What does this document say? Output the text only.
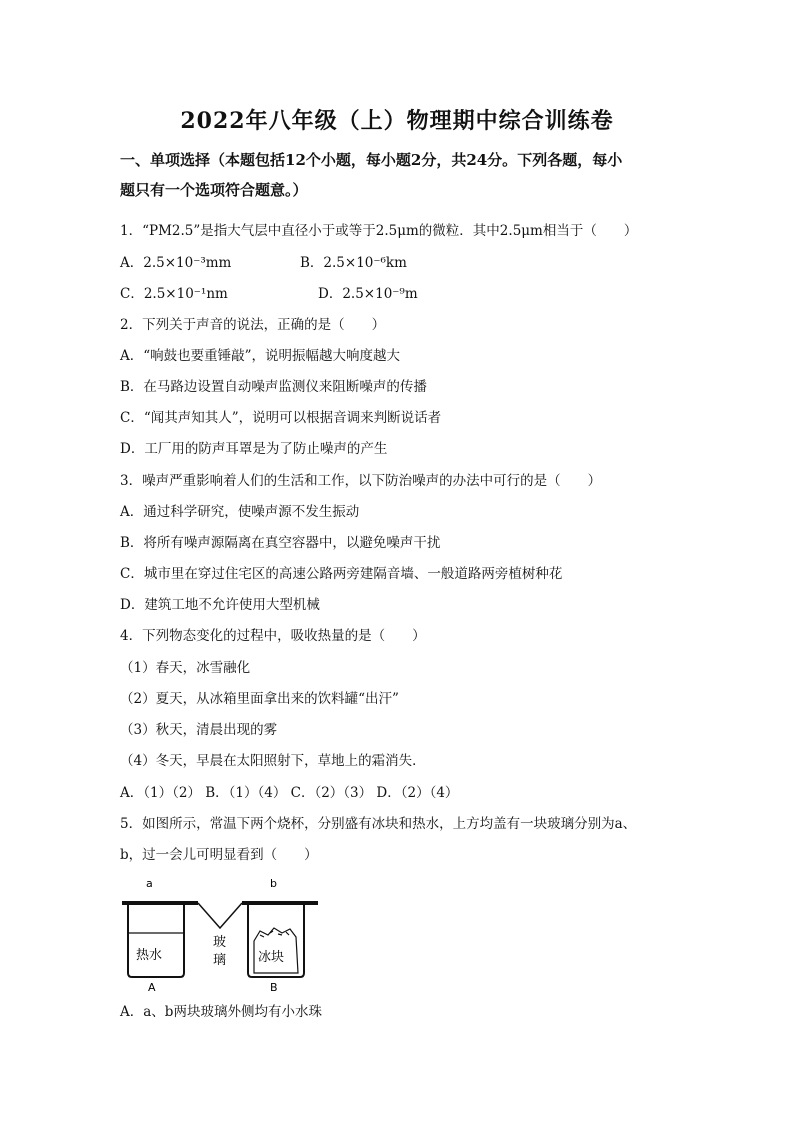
2022年八年级（上）物理期中综合训练卷
一、单项选择（本题包括12个小题，每小题2分，共24分。下列各题，每小
题只有一个选项符合题意。）
1．“PM2.5”是指大气层中直径小于或等于2.5μm的微粒．其中2.5μm相当于（　　）
A．2.5×10⁻³mm	B．2.5×10⁻⁶km
C．2.5×10⁻¹nm	D．2.5×10⁻⁹m
2．下列关于声音的说法，正确的是（　　）
A．“响鼓也要重锤敲”，说明振幅越大响度越大
B．在马路边设置自动噪声监测仪来阻断噪声的传播
C．“闻其声知其人”，说明可以根据音调来判断说话者
D．工厂用的防声耳罩是为了防止噪声的产生
3．噪声严重影响着人们的生活和工作，以下防治噪声的办法中可行的是（　　）
A．通过科学研究，使噪声源不发生振动
B．将所有噪声源隔离在真空容器中，以避免噪声干扰
C．城市里在穿过住宅区的高速公路两旁建隔音墙、一般道路两旁植树种花
D．建筑工地不允许使用大型机械
4．下列物态变化的过程中，吸收热量的是（　　）
（1）春天，冰雪融化
（2）夏天，从冰箱里面拿出来的饮料罐“出汗”
（3）秋天，清晨出现的雾
（4）冬天，早晨在太阳照射下，草地上的霜消失．
A．（1）（2） B．（1）（4） C．（2）（3） D．（2）（4）
5．如图所示，常温下两个烧杯，分别盛有冰块和热水，上方均盖有一块玻璃分别为a、
b，过一会儿可明显看到（　　）
a	b
热水
玻
璃 冰块
A	B
A．a、b两块玻璃外侧均有小水珠
